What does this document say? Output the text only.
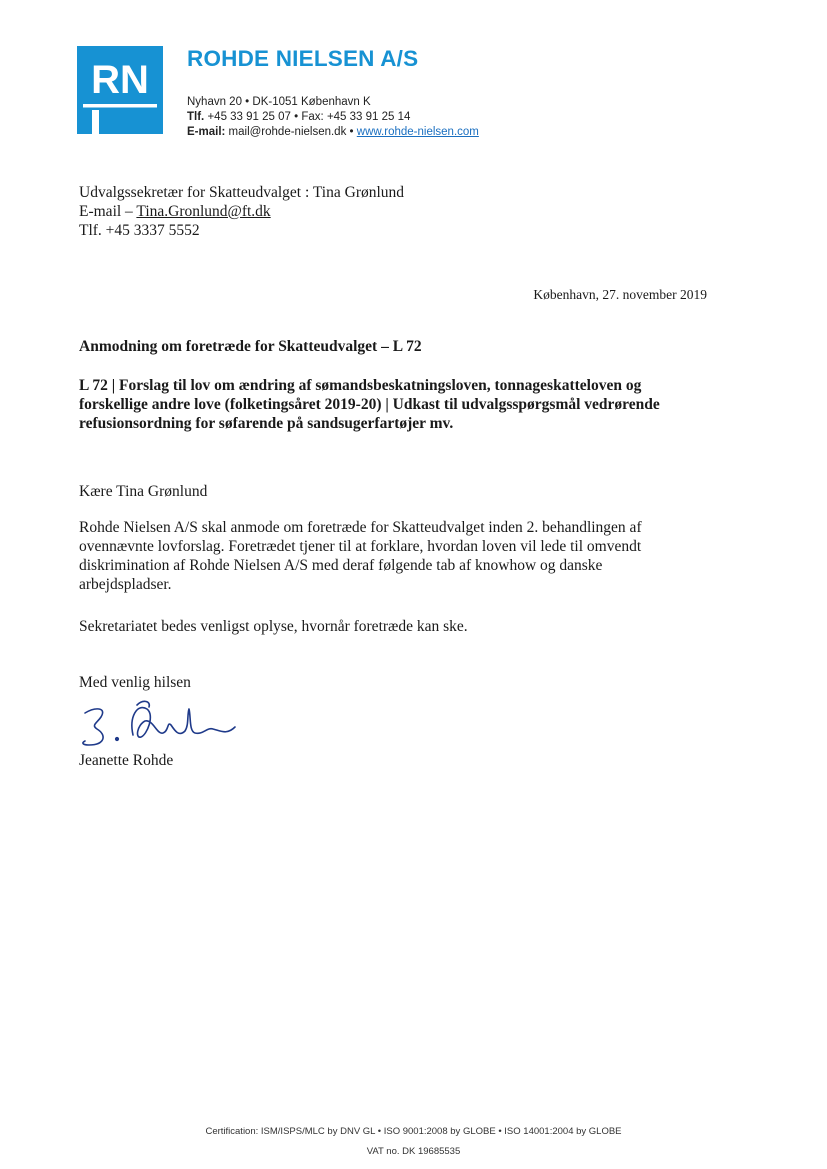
RN ROHDE NIELSEN A/S
Nyhavn 20 • DK-1051 København K
Tlf. +45 33 91 25 07 • Fax: +45 33 91 25 14
E-mail: mail@rohde-nielsen.dk • www.rohde-nielsen.com
Udvalgssekretær for Skatteudvalget : Tina Grønlund
E-mail – Tina.Gronlund@ft.dk
Tlf. +45 3337 5552
København, 27. november 2019
Anmodning om foretræde for Skatteudvalget – L 72
L 72 | Forslag til lov om ændring af sømandsbeskatningsloven, tonnageskatteloven og
forskellige andre love (folketingsåret 2019-20) | Udkast til udvalgsspørgsmål vedrørende
refusionsordning for søfarende på sandsugerfartøjer mv.
Kære Tina Grønlund
Rohde Nielsen A/S skal anmode om foretræde for Skatteudvalget inden 2. behandlingen af
ovennævnte lovforslag. Foretrædet tjener til at forklare, hvordan loven vil lede til omvendt
diskrimination af Rohde Nielsen A/S med deraf følgende tab af knowhow og danske
arbejdspladser.
Sekretariatet bedes venligst oplyse, hvornår foretræde kan ske.
Med venlig hilsen
Jeanette Rohde
Certification: ISM/ISPS/MLC by DNV GL • ISO 9001:2008 by GLOBE • ISO 14001:2004 by GLOBE
VAT no. DK 19685535
